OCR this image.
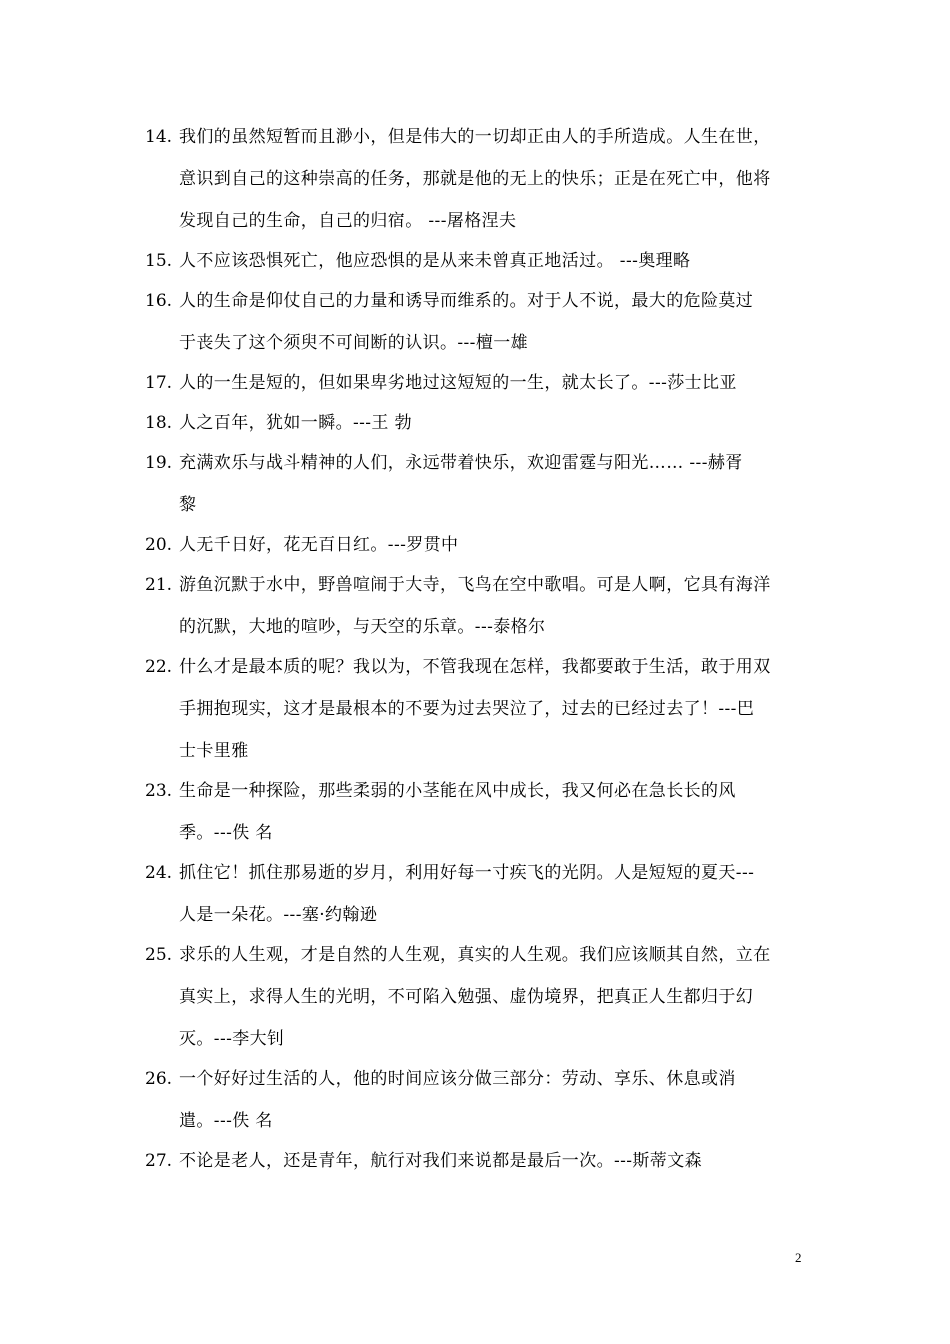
14. 我们的虽然短暂而且渺小，但是伟大的一切却正由人的手所造成。人生在世，
意识到自己的这种崇高的任务，那就是他的无上的快乐；正是在死亡中，他将
发现自己的生命，自己的归宿。 ---屠格涅夫
15. 人不应该恐惧死亡，他应恐惧的是从来未曾真正地活过。 ---奥理略
16. 人的生命是仰仗自己的力量和诱导而维系的。对于人不说，最大的危险莫过
于丧失了这个须臾不可间断的认识。---檀一雄
17. 人的一生是短的，但如果卑劣地过这短短的一生，就太长了。---莎士比亚
18. 人之百年，犹如一瞬。---王 勃
19. 充满欢乐与战斗精神的人们，永远带着快乐，欢迎雷霆与阳光…… ---赫胥
黎
20. 人无千日好，花无百日红。---罗贯中
21. 游鱼沉默于水中，野兽喧闹于大寺，飞鸟在空中歌唱。可是人啊，它具有海洋
的沉默，大地的喧吵，与天空的乐章。---泰格尔
22. 什么才是最本质的呢？我以为，不管我现在怎样，我都要敢于生活，敢于用双
手拥抱现实，这才是最根本的不要为过去哭泣了，过去的已经过去了！---巴
士卡里雅
23. 生命是一种探险，那些柔弱的小茎能在风中成长，我又何必在急长长的风
季。---佚 名
24. 抓住它！抓住那易逝的岁月，利用好每一寸疾飞的光阴。人是短短的夏天---
人是一朵花。---塞·约翰逊
25. 求乐的人生观，才是自然的人生观，真实的人生观。我们应该顺其自然，立在
真实上，求得人生的光明，不可陷入勉强、虚伪境界，把真正人生都归于幻
灭。---李大钊
26. 一个好好过生活的人，他的时间应该分做三部分：劳动、享乐、休息或消
遣。---佚 名
27. 不论是老人，还是青年，航行对我们来说都是最后一次。---斯蒂文森
2
